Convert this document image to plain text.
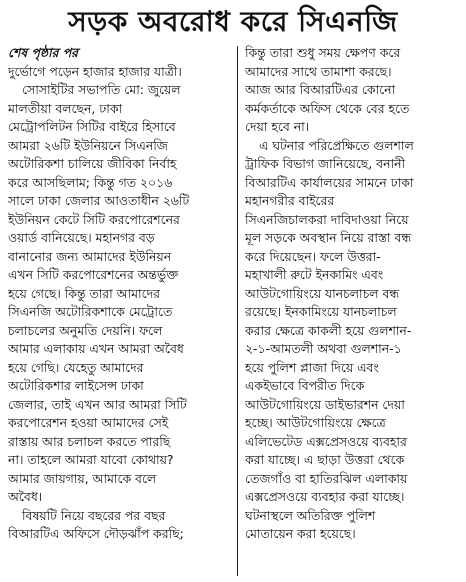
সড়ক অবরোধ করে সিএনজি
শেষ পৃষ্ঠার পর
দুর্ভোগে পড়েন হাজার হাজার যাত্রী।
সোসাইটির সভাপতি মো: জুয়েল
মালতীয়া বলছেন, ঢাকা
মেট্রোপলিটন সিটির বাইরে হিসাবে
আমরা ২৬টি ইউনিয়নে সিএনজি
অটোরিকশা চালিয়ে জীবিকা নির্বাহ
করে আসছিলাম; কিন্তু গত ২০১৬
সালে ঢাকা জেলার আওতাধীন ২৬টি
ইউনিয়ন কেটে সিটি করপোরেশনের
ওয়ার্ড বানিয়েছে। মহানগর বড়
বানানোর জন্য আমাদের ইউনিয়ন
এখন সিটি করপোরেশনের অন্তর্ভুক্ত
হয়ে গেছে। কিন্তু তারা আমাদের
সিএনজি অটোরিকশাকে মেট্রোতে
চলাচলের অনুমতি দেয়নি। ফলে
আমার এলাকায় এখন আমরা অবৈধ
হয়ে গেছি। যেহেতু আমাদের
অটোরিকশার লাইসেন্স ঢাকা
জেলার, তাই এখন আর আমরা সিটি
করপোরেশন হওয়া আমাদের সেই
রাস্তায় আর চলাচল করতে পারছি
না। তাহলে আমরা যাবো কোথায়?
আমার জায়গায়, আমাকে বলে
অবৈধ।
বিষয়টি নিয়ে বছরের পর বছর
বিআরটিএ অফিসে দৌড়ঝাঁপ করছি;
কিন্তু তারা শুধু সময় ক্ষেপণ করে
আমাদের সাথে তামাশা করছে।
আজ আর বিআরটিএর কোনো
কর্মকর্তাকে অফিস থেকে বের হতে
দেয়া হবে না।
এ ঘটনার পরিপ্রেক্ষিতে গুলশাল
ট্রাফিক বিভাগ জানিয়েছে, বনানী
বিআরটিএ কার্যালয়ের সামনে ঢাকা
মহানগরীর বাইরের
সিএনজিচালকরা দাবিদাওয়া নিয়ে
মূল সড়কে অবস্থান নিয়ে রাস্তা বন্ধ
করে দিয়েছেন। ফলে উত্তরা-
মহাখালী রুটে ইনকামিং এবং
আউটগোয়িংয়ে যানচলাচল বন্ধ
রয়েছে। ইনকামিংয়ে যানচলাচল
করার ক্ষেত্রে কাকলী হয়ে গুলশান-
২-১-আমতলী অথবা গুলশান-১
হয়ে পুলিশ প্লাজা দিয়ে এবং
একইভাবে বিপরীত দিকে
আউটগোয়িংয়ে ডাইভারশন দেয়া
হচ্ছে। আউটগোয়িংয়ে ক্ষেত্রে
এলিভেটেড এক্সপ্রেসওয়ে ব্যবহার
করা যাচ্ছে। এ ছাড়া উত্তরা থেকে
তেজগাঁও বা হাতিরঝিল এলাকায়
এক্সপ্রেসওয়ে ব্যবহার করা যাচ্ছে।
ঘটনাস্থলে অতিরিক্ত পুলিশ
মোতায়েন করা হয়েছে।
